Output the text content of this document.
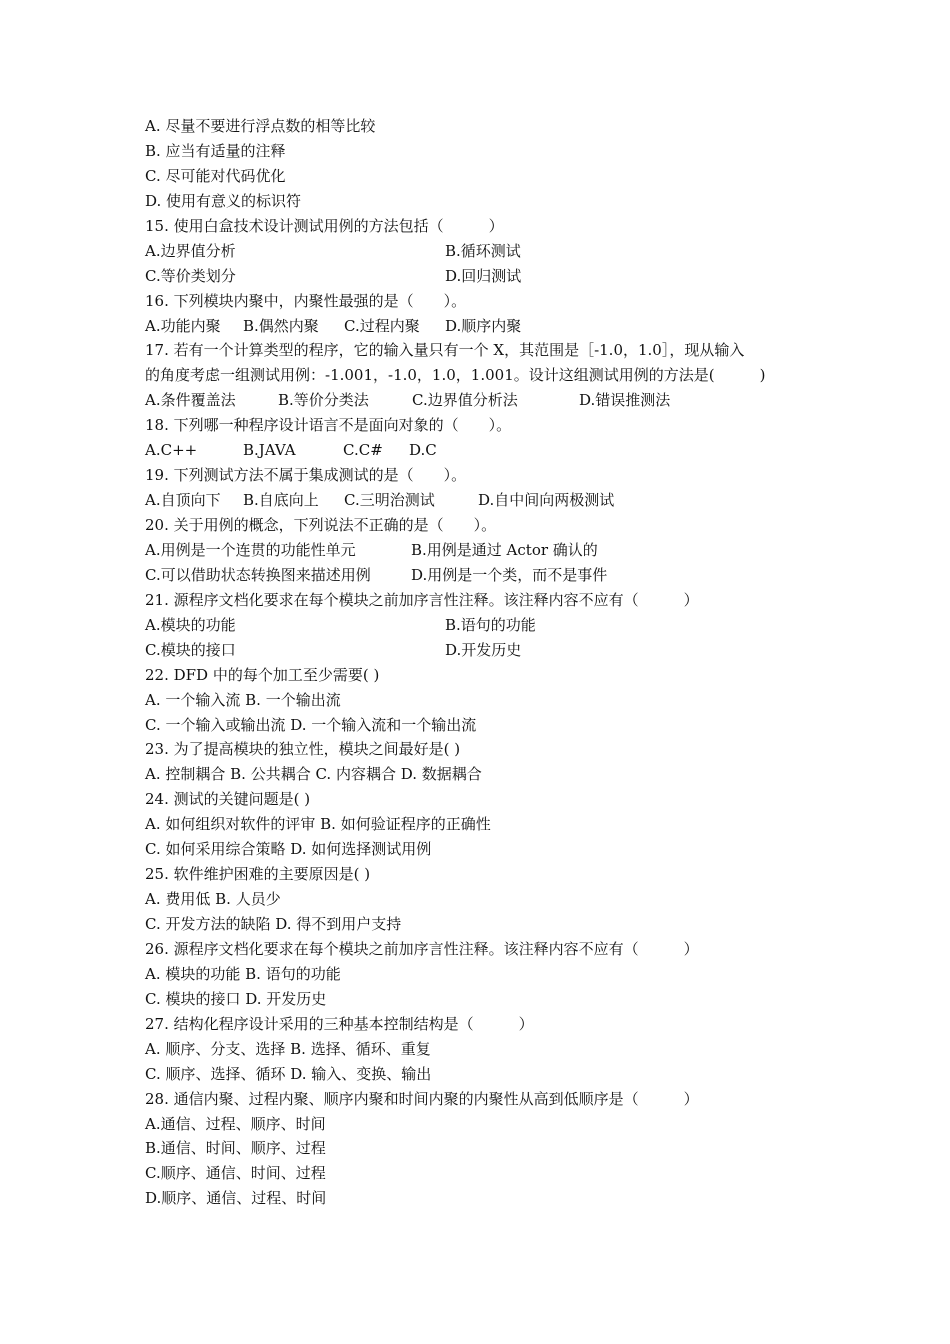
A. 尽量不要进行浮点数的相等比较
B. 应当有适量的注释
C. 尽可能对代码优化
D. 使用有意义的标识符
15. 使用白盒技术设计测试用例的方法包括（　　　）
A.边界值分析	B.循环测试
C.等价类划分	D.回归测试
16. 下列模块内聚中，内聚性最强的是（　　）。
A.功能内聚	B.偶然内聚	C.过程内聚	D.顺序内聚
17. 若有一个计算类型的程序，它的输入量只有一个 X，其范围是［-1.0，1.0］，现从输入
的角度考虑一组测试用例：-1.001，-1.0，1.0，1.001。设计这组测试用例的方法是(　　　)
A.条件覆盖法	B.等价分类法	C.边界值分析法	D.错误推测法
18. 下列哪一种程序设计语言不是面向对象的（　　）。
A.C++	B.JAVA	C.C#	D.C
19. 下列测试方法不属于集成测试的是（　　）。
A.自顶向下	B.自底向上	C.三明治测试	D.自中间向两极测试
20. 关于用例的概念，下列说法不正确的是（　　）。
A.用例是一个连贯的功能性单元	B.用例是通过 Actor 确认的
C.可以借助状态转换图来描述用例	D.用例是一个类，而不是事件
21. 源程序文档化要求在每个模块之前加序言性注释。该注释内容不应有（　　　）
A.模块的功能	B.语句的功能
C.模块的接口	D.开发历史
22. DFD 中的每个加工至少需要( )
A. 一个输入流 B. 一个输出流
C. 一个输入或输出流 D. 一个输入流和一个输出流
23. 为了提高模块的独立性，模块之间最好是( )
A. 控制耦合 B. 公共耦合 C. 内容耦合 D. 数据耦合
24. 测试的关键问题是( )
A. 如何组织对软件的评审 B. 如何验证程序的正确性
C. 如何采用综合策略 D. 如何选择测试用例
25. 软件维护困难的主要原因是( )
A. 费用低 B. 人员少
C. 开发方法的缺陷 D. 得不到用户支持
26. 源程序文档化要求在每个模块之前加序言性注释。该注释内容不应有（　　　）
A. 模块的功能 B. 语句的功能
C. 模块的接口 D. 开发历史
27. 结构化程序设计采用的三种基本控制结构是（　　　）
A. 顺序、分支、选择 B. 选择、循环、重复
C. 顺序、选择、循环 D. 输入、变换、输出
28. 通信内聚、过程内聚、顺序内聚和时间内聚的内聚性从高到低顺序是（　　　）
A.通信、过程、顺序、时间
B.通信、时间、顺序、过程
C.顺序、通信、时间、过程
D.顺序、通信、过程、时间
